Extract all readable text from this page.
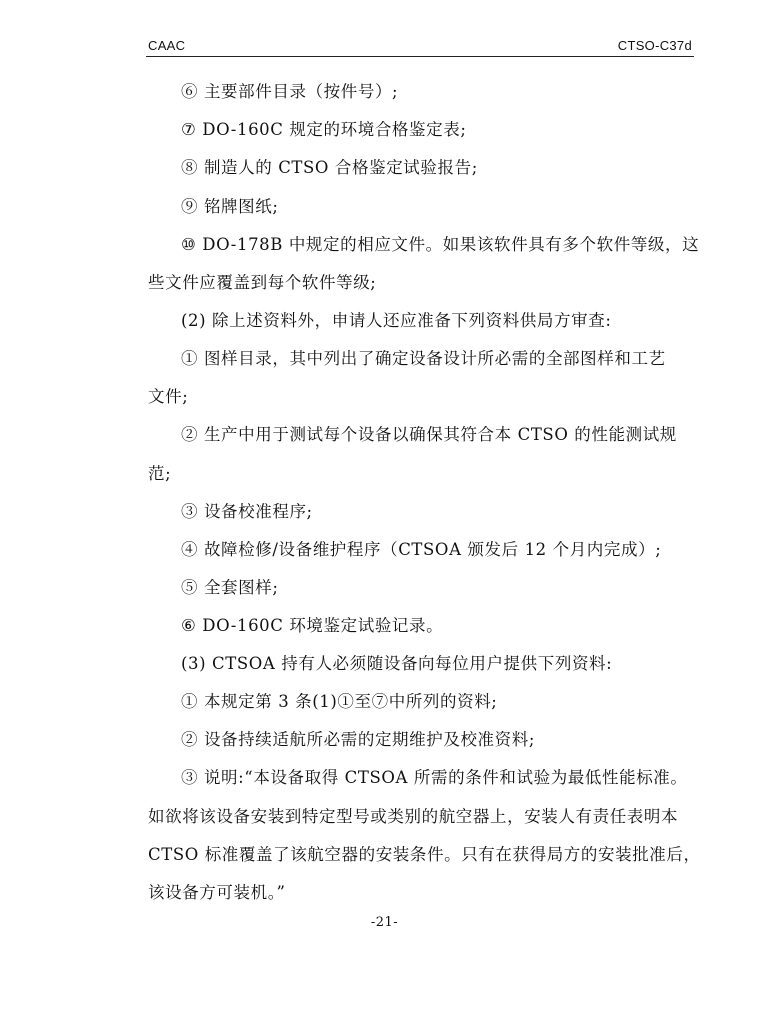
CAAC	CTSO-C37d
⑥ 主要部件目录（按件号）;
⑦ DO-160C 规定的环境合格鉴定表;
⑧ 制造人的 CTSO 合格鉴定试验报告;
⑨ 铭牌图纸;
⑩ DO-178B 中规定的相应文件。如果该软件具有多个软件等级，这
些文件应覆盖到每个软件等级;
(2) 除上述资料外，申请人还应准备下列资料供局方审查:
① 图样目录，其中列出了确定设备设计所必需的全部图样和工艺
文件;
② 生产中用于测试每个设备以确保其符合本 CTSO 的性能测试规
范;
③ 设备校准程序;
④ 故障检修/设备维护程序（CTSOA 颁发后 12 个月内完成）;
⑤ 全套图样;
⑥ DO-160C 环境鉴定试验记录。
(3) CTSOA 持有人必须随设备向每位用户提供下列资料:
① 本规定第 3 条(1)①至⑦中所列的资料;
② 设备持续适航所必需的定期维护及校准资料;
③ 说明:“本设备取得 CTSOA 所需的条件和试验为最低性能标准。
如欲将该设备安装到特定型号或类别的航空器上，安装人有责任表明本
CTSO 标准覆盖了该航空器的安装条件。只有在获得局方的安装批准后，
该设备方可装机。”
-21-
